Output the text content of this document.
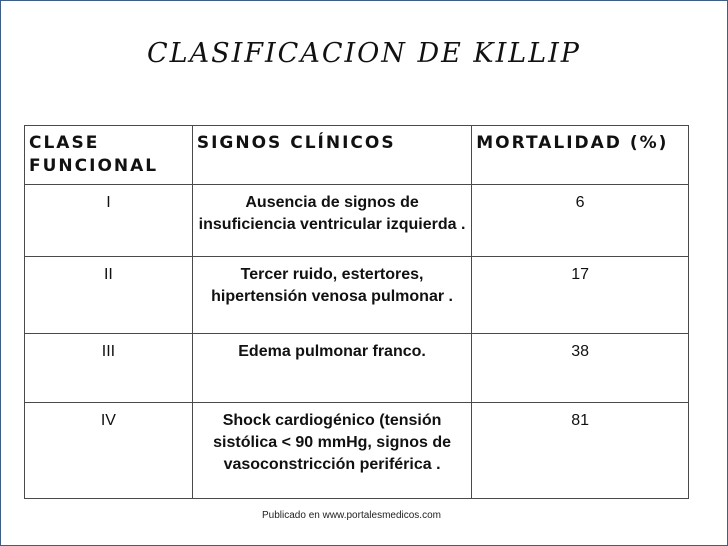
CLASIFICACION DE KILLIP
CLASE FUNCIONAL	SIGNOS CLÍNICOS	MORTALIDAD (%)
I	Ausencia de signos de insuficiencia ventricular izquierda .	6
II	Tercer ruido, estertores, hipertensión venosa pulmonar .	17
III	Edema pulmonar franco.	38
IV	Shock cardiogénico (tensión sistólica < 90 mmHg, signos de vasoconstricción periférica .	81
Publicado en www.portalesmedicos.com
